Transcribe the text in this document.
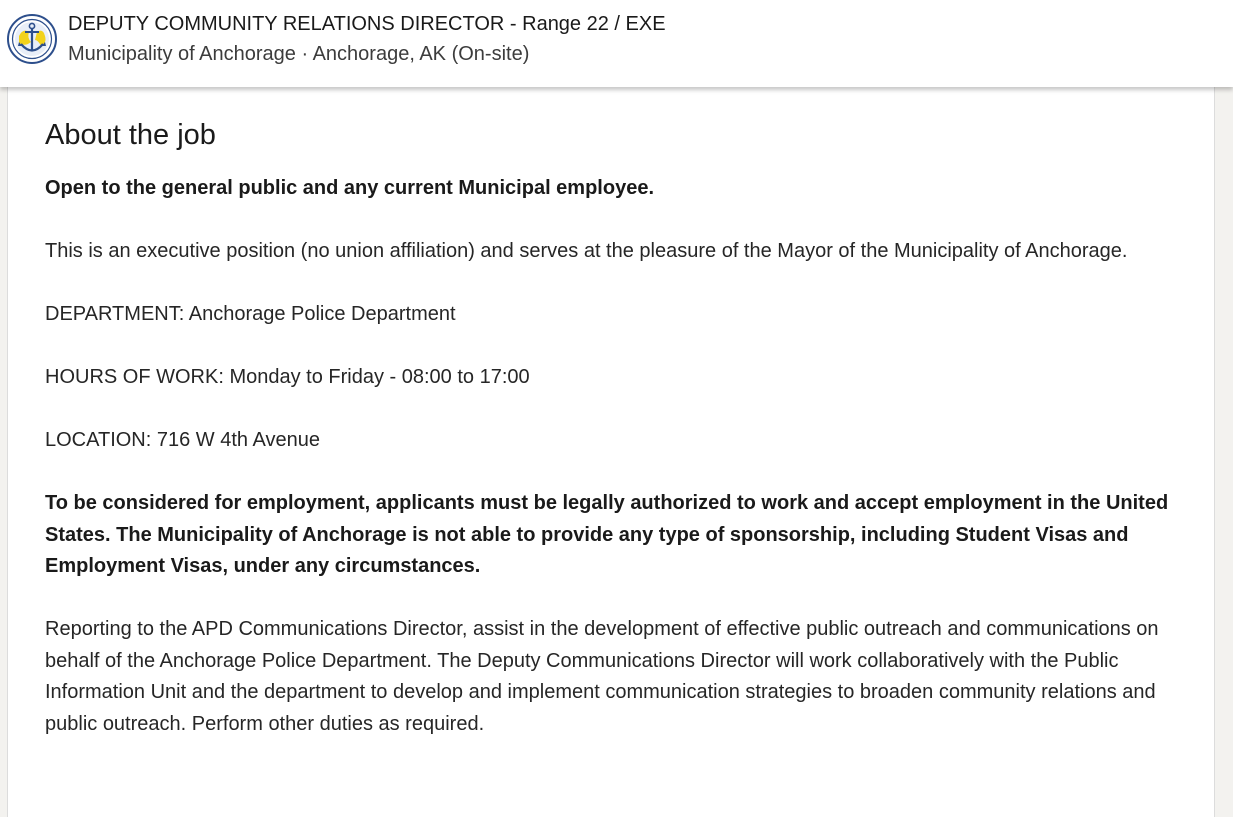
DEPUTY COMMUNITY RELATIONS DIRECTOR - Range 22 / EXE
Municipality of Anchorage · Anchorage, AK (On-site)
About the job

Open to the general public and any current Municipal employee.

This is an executive position (no union affiliation) and serves at the pleasure of the Mayor of the Municipality of Anchorage.

DEPARTMENT: Anchorage Police Department

HOURS OF WORK: Monday to Friday - 08:00 to 17:00

LOCATION: 716 W 4th Avenue

To be considered for employment, applicants must be legally authorized to work and accept employment in the United States. The Municipality of Anchorage is not able to provide any type of sponsorship, including Student Visas and Employment Visas, under any circumstances.

Reporting to the APD Communications Director, assist in the development of effective public outreach and communications on behalf of the Anchorage Police Department. The Deputy Communications Director will work collaboratively with the Public Information Unit and the department to develop and implement communication strategies to broaden community relations and public outreach. Perform other duties as required.
